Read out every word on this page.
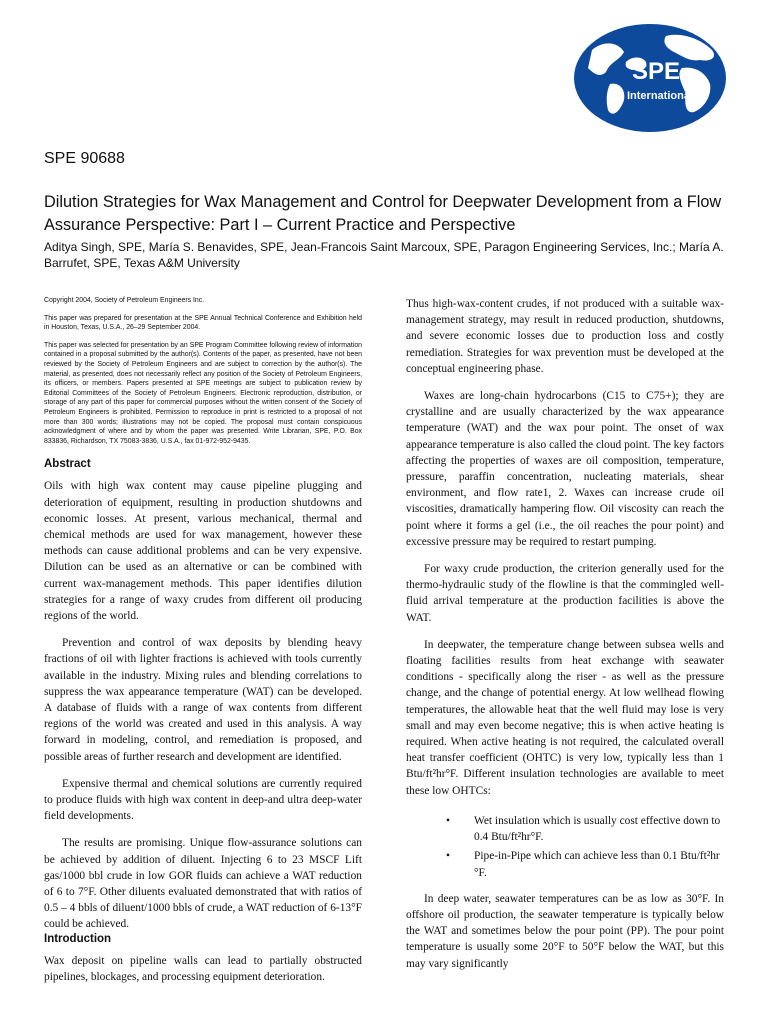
SPE
International
SPE 90688
Dilution Strategies for Wax Management and Control for Deepwater Development from a Flow Assurance Perspective: Part I – Current Practice and Perspective
Aditya Singh, SPE, María S. Benavides, SPE, Jean-Francois Saint Marcoux, SPE, Paragon Engineering Services, Inc.; María A. Barrufet, SPE, Texas A&M University

Copyright 2004, Society of Petroleum Engineers Inc.

This paper was prepared for presentation at the SPE Annual Technical Conference and Exhibition held in Houston, Texas, U.S.A., 26–29 September 2004.

This paper was selected for presentation by an SPE Program Committee following review of information contained in a proposal submitted by the author(s). Contents of the paper, as presented, have not been reviewed by the Society of Petroleum Engineers and are subject to correction by the author(s). The material, as presented, does not necessarily reflect any position of the Society of Petroleum Engineers, its officers, or members. Papers presented at SPE meetings are subject to publication review by Editorial Committees of the Society of Petroleum Engineers. Electronic reproduction, distribution, or storage of any part of this paper for commercial purposes without the written consent of the Society of Petroleum Engineers is prohibited. Permission to reproduce in print is restricted to a proposal of not more than 300 words; illustrations may not be copied. The proposal must contain conspicuous acknowledgment of where and by whom the paper was presented. Write Librarian, SPE, P.O. Box 833836, Richardson, TX 75083-3836, U.S.A., fax 01-972-952-9435.

Abstract

Oils with high wax content may cause pipeline plugging and deterioration of equipment, resulting in production shutdowns and economic losses. At present, various mechanical, thermal and chemical methods are used for wax management, however these methods can cause additional problems and can be very expensive. Dilution can be used as an alternative or can be combined with current wax-management methods. This paper identifies dilution strategies for a range of waxy crudes from different oil producing regions of the world.

Prevention and control of wax deposits by blending heavy fractions of oil with lighter fractions is achieved with tools currently available in the industry. Mixing rules and blending correlations to suppress the wax appearance temperature (WAT) can be developed. A database of fluids with a range of wax contents from different regions of the world was created and used in this analysis. A way forward in modeling, control, and remediation is proposed, and possible areas of further research and development are identified.

Expensive thermal and chemical solutions are currently required to produce fluids with high wax content in deep-and ultra deep-water field developments.

The results are promising. Unique flow-assurance solutions can be achieved by addition of diluent. Injecting 6 to 23 MSCF Lift gas/1000 bbl crude in low GOR fluids can achieve a WAT reduction of 6 to 7°F. Other diluents evaluated demonstrated that with ratios of 0.5 – 4 bbls of diluent/1000 bbls of crude, a WAT reduction of 6-13°F could be achieved.

Introduction

Wax deposit on pipeline walls can lead to partially obstructed pipelines, blockages, and processing equipment deterioration.

Thus high-wax-content crudes, if not produced with a suitable wax-management strategy, may result in reduced production, shutdowns, and severe economic losses due to production loss and costly remediation. Strategies for wax prevention must be developed at the conceptual engineering phase.

Waxes are long-chain hydrocarbons (C15 to C75+); they are crystalline and are usually characterized by the wax appearance temperature (WAT) and the wax pour point. The onset of wax appearance temperature is also called the cloud point. The key factors affecting the properties of waxes are oil composition, temperature, pressure, paraffin concentration, nucleating materials, shear environment, and flow rate1, 2. Waxes can increase crude oil viscosities, dramatically hampering flow. Oil viscosity can reach the point where it forms a gel (i.e., the oil reaches the pour point) and excessive pressure may be required to restart pumping.

For waxy crude production, the criterion generally used for the thermo-hydraulic study of the flowline is that the commingled well-fluid arrival temperature at the production facilities is above the WAT.

In deepwater, the temperature change between subsea wells and floating facilities results from heat exchange with seawater conditions - specifically along the riser - as well as the pressure change, and the change of potential energy. At low wellhead flowing temperatures, the allowable heat that the well fluid may lose is very small and may even become negative; this is when active heating is required. When active heating is not required, the calculated overall heat transfer coefficient (OHTC) is very low, typically less than 1 Btu/ft²hr°F. Different insulation technologies are available to meet these low OHTCs:

• Wet insulation which is usually cost effective down to 0.4 Btu/ft²hr°F.
• Pipe-in-Pipe which can achieve less than 0.1 Btu/ft²hr °F.

In deep water, seawater temperatures can be as low as 30°F. In offshore oil production, the seawater temperature is typically below the WAT and sometimes below the pour point (PP). The pour point temperature is usually some 20°F to 50°F below the WAT, but this may vary significantly
